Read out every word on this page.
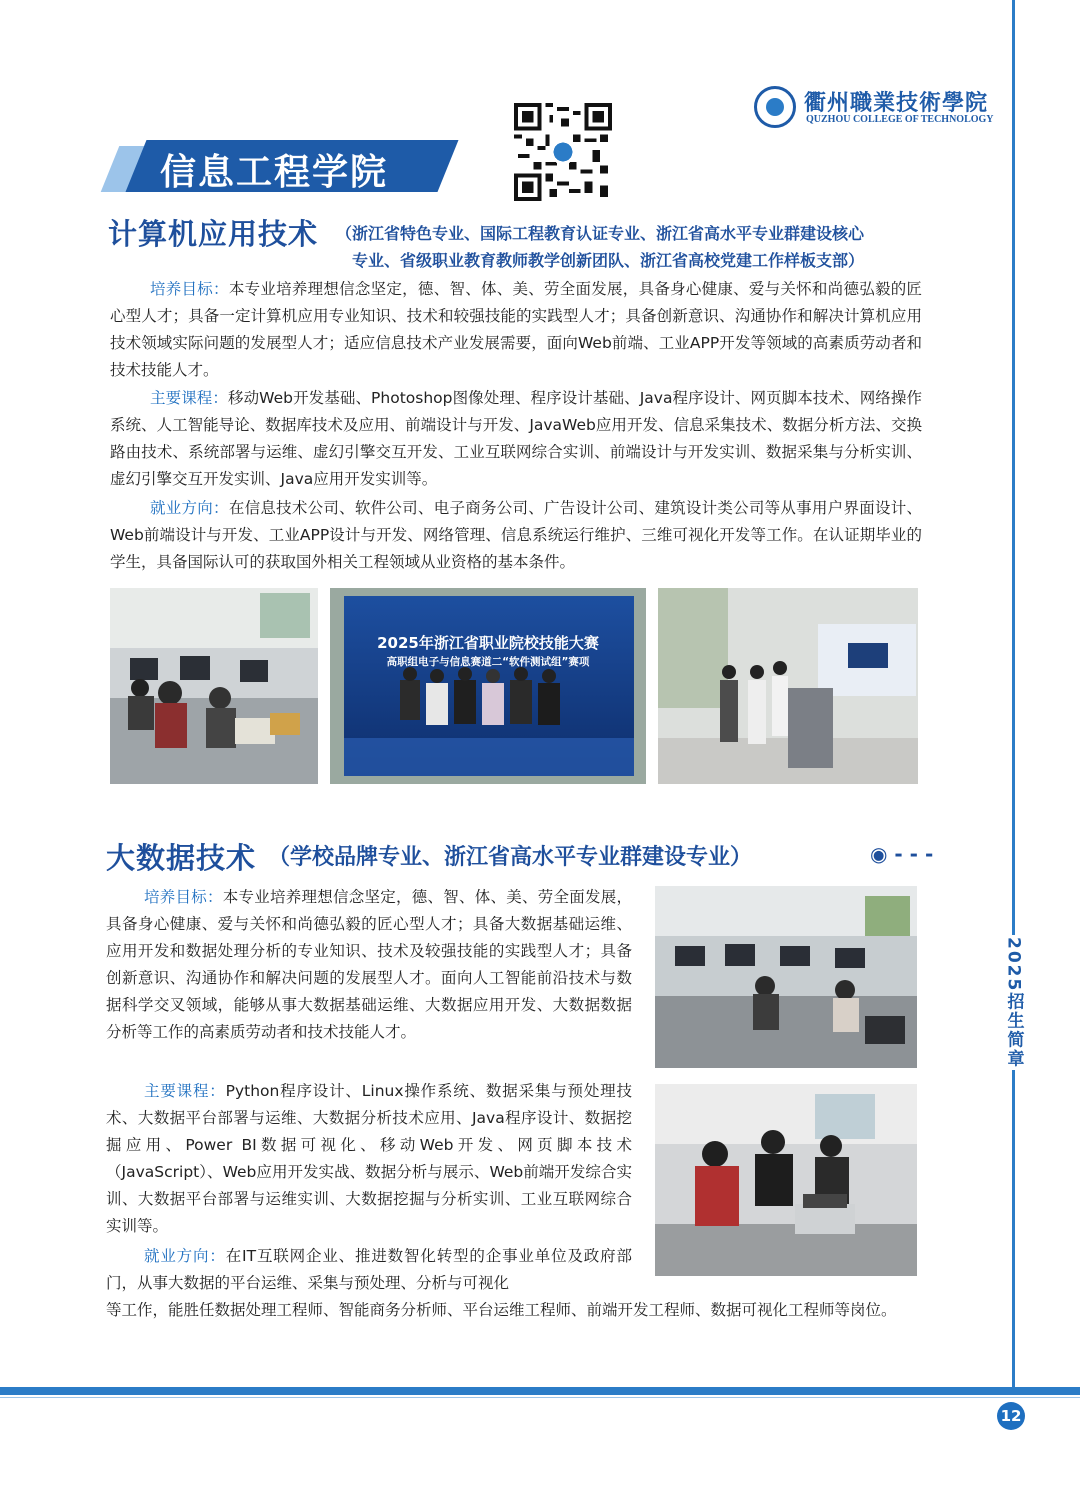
2025招生简章
12
衢州職業技術學院
QUZHOU COLLEGE OF TECHNOLOGY
信息工程学院
计算机应用技术 （浙江省特色专业、国际工程教育认证专业、浙江省高水平专业群建设核心
专业、省级职业教育教师教学创新团队、浙江省高校党建工作样板支部）
培养目标：本专业培养理想信念坚定，德、智、体、美、劳全面发展，具备身心健康、爱与关怀和尚德弘毅的匠心型人才；具备一定计算机应用专业知识、技术和较强技能的实践型人才；具备创新意识、沟通协作和解决计算机应用技术领域实际问题的发展型人才；适应信息技术产业发展需要，面向Web前端、工业APP开发等领域的高素质劳动者和技术技能人才。
主要课程：移动Web开发基础、Photoshop图像处理、程序设计基础、Java程序设计、网页脚本技术、网络操作系统、人工智能导论、数据库技术及应用、前端设计与开发、JavaWeb应用开发、信息采集技术、数据分析方法、交换路由技术、系统部署与运维、虚幻引擎交互开发、工业互联网综合实训、前端设计与开发实训、数据采集与分析实训、虚幻引擎交互开发实训、Java应用开发实训等。
就业方向：在信息技术公司、软件公司、电子商务公司、广告设计公司、建筑设计类公司等从事用户界面设计、Web前端设计与开发、工业APP设计与开发、网络管理、信息系统运行维护、三维可视化开发等工作。在认证期毕业的学生，具备国际认可的获取国外相关工程领域从业资格的基本条件。
2025年浙江省职业院校技能大赛
高职组电子与信息赛道二“软件测试组”赛项
大数据技术 （学校品牌专业、浙江省高水平专业群建设专业）	◉ - - -
培养目标：本专业培养理想信念坚定，德、智、体、美、劳全面发展，具备身心健康、爱与关怀和尚德弘毅的匠心型人才；具备大数据基础运维、应用开发和数据处理分析的专业知识、技术及较强技能的实践型人才；具备创新意识、沟通协作和解决问题的发展型人才。面向人工智能前沿技术与数据科学交叉领域，能够从事大数据基础运维、大数据应用开发、大数据数据分析等工作的高素质劳动者和技术技能人才。
主要课程：Python程序设计、Linux操作系统、数据采集与预处理技术、大数据平台部署与运维、大数据分析技术应用、Java程序设计、数据挖掘应用、Power BI数据可视化、移动Web开发、网页脚本技术（JavaScript）、Web应用开发实战、数据分析与展示、Web前端开发综合实训、大数据平台部署与运维实训、大数据挖掘与分析实训、工业互联网综合实训等。
就业方向：在IT互联网企业、推进数智化转型的企事业单位及政府部门，从事大数据的平台运维、采集与预处理、分析与可视化
等工作，能胜任数据处理工程师、智能商务分析师、平台运维工程师、前端开发工程师、数据可视化工程师等岗位。
